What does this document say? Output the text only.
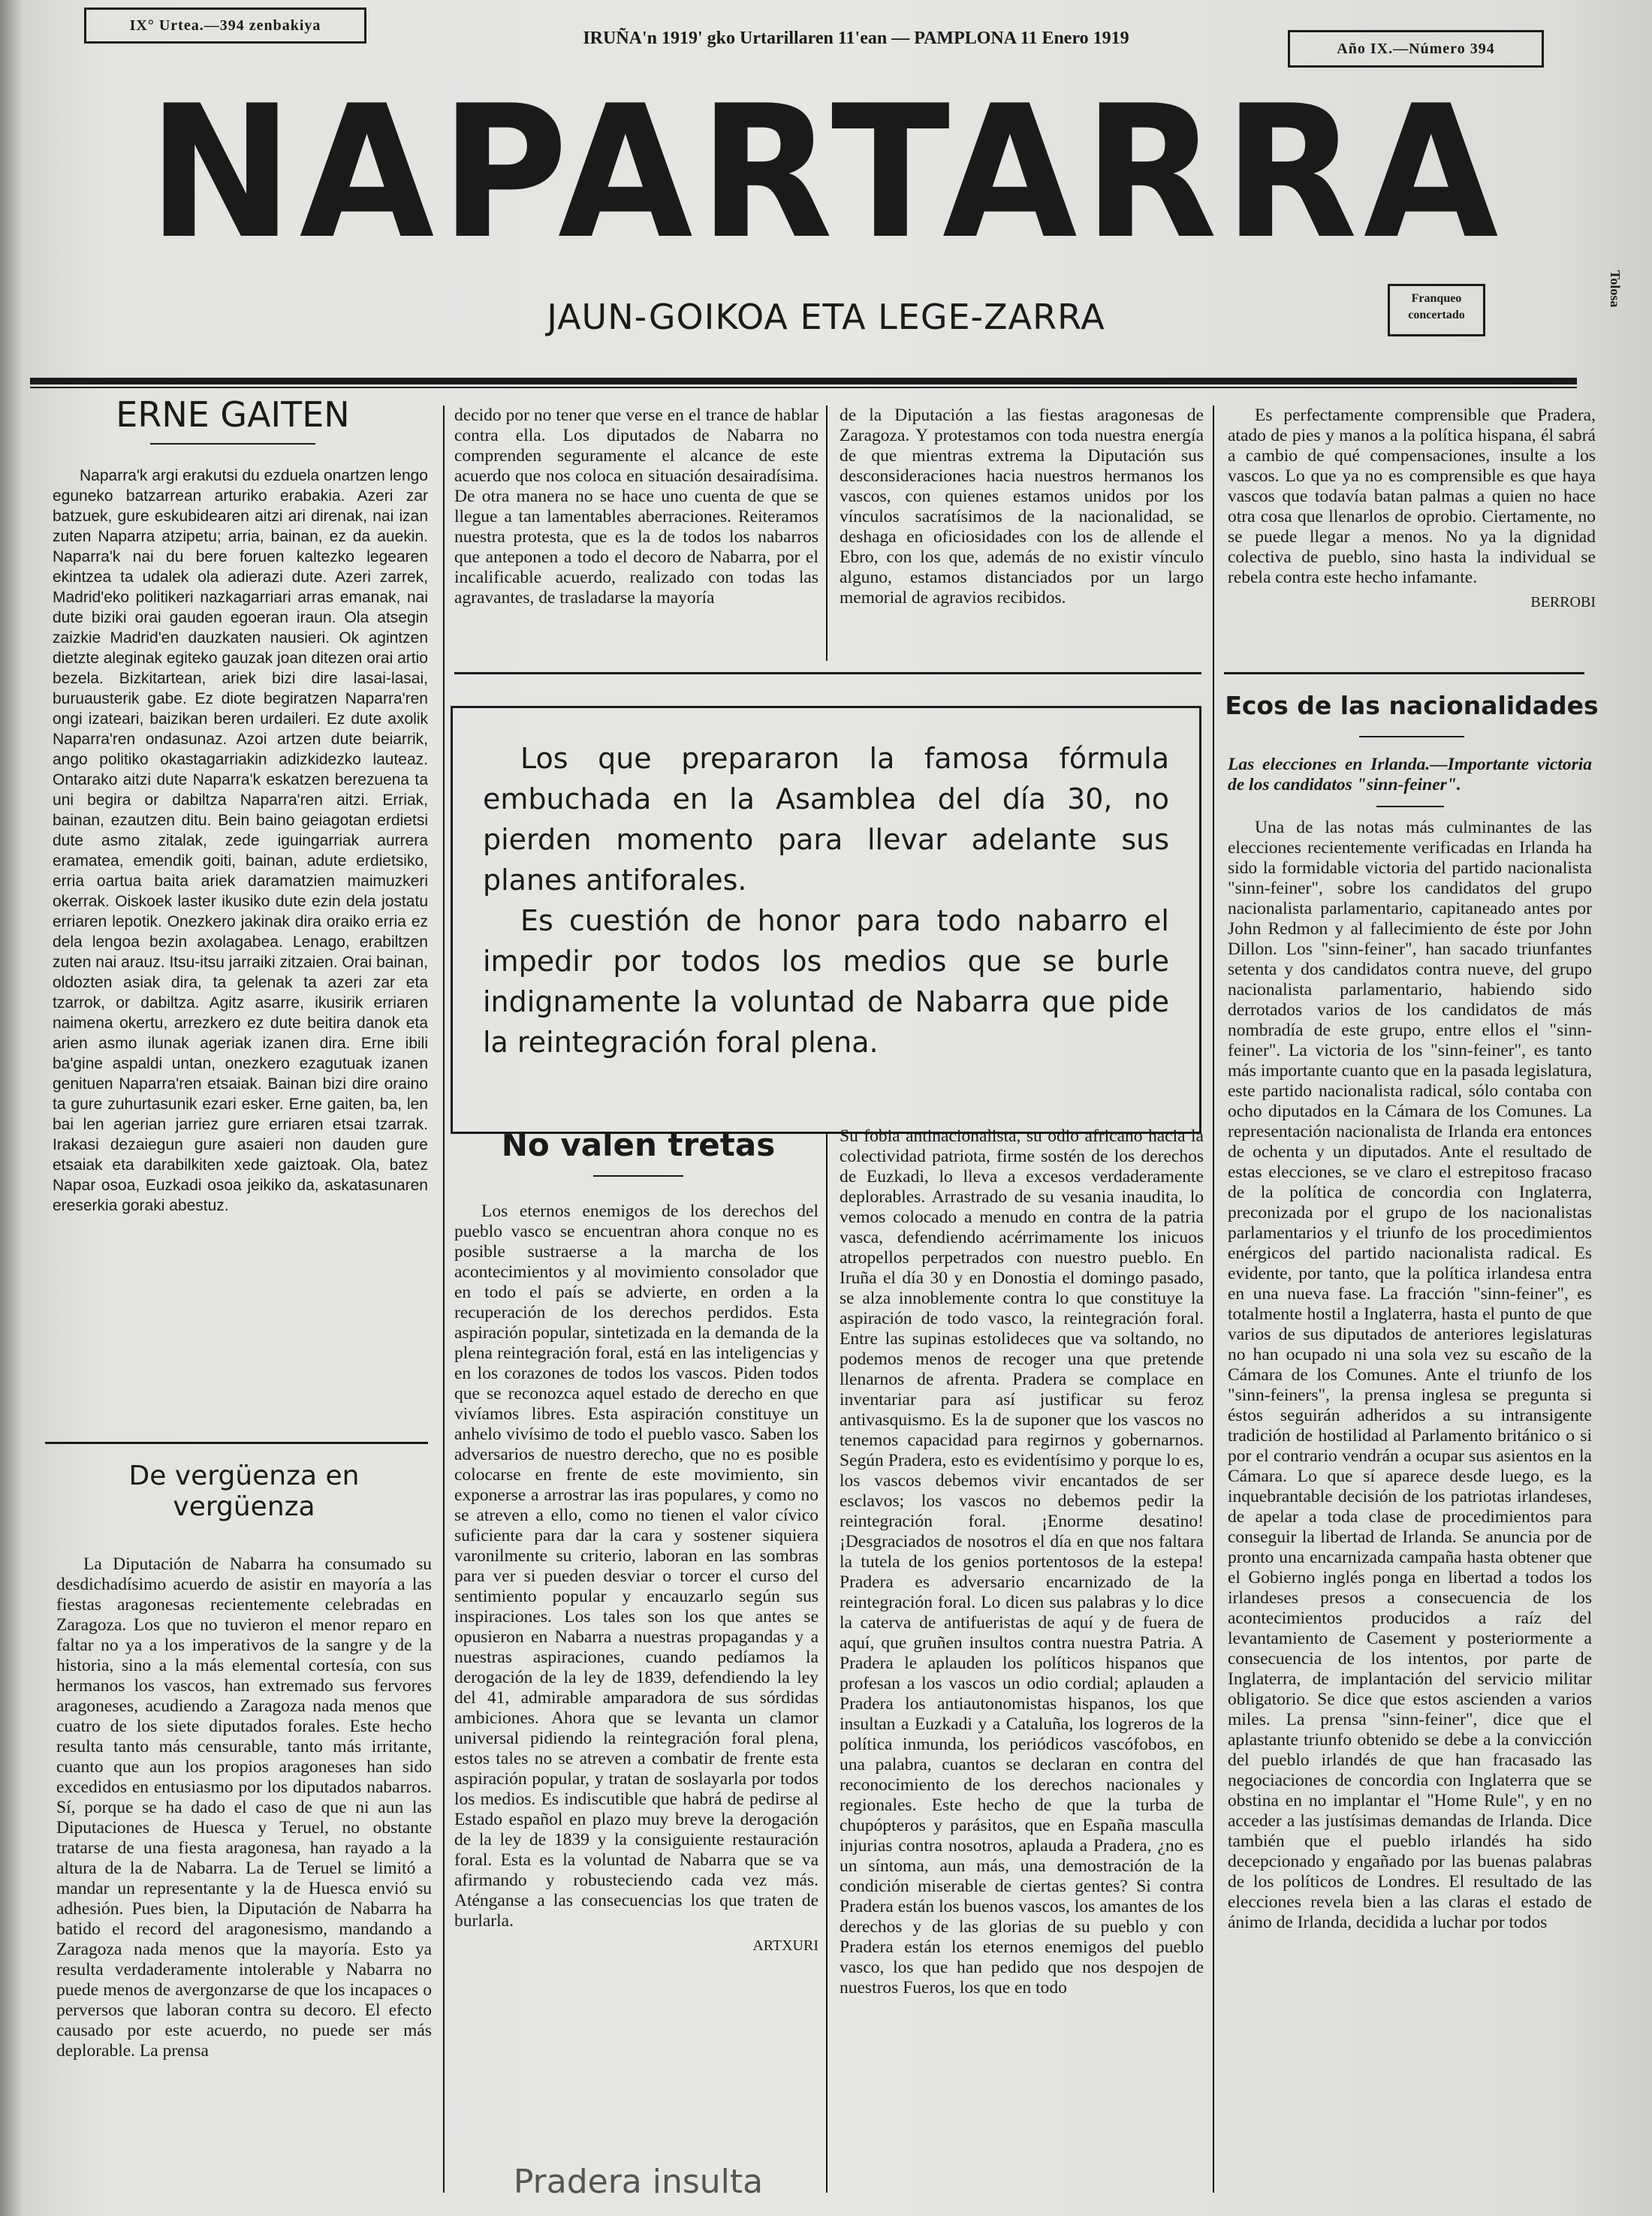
IX° Urtea.—394 zenbakiya
IRUÑA'n 1919' gko Urtarillaren 11'ean — PAMPLONA 11 Enero 1919
Año IX.—Número 394
NAPARTARRA
JAUN-GOIKOA ETA LEGE-ZARRA	Franqueo concertado
Tolosa
ERNE GAITEN

Naparra'k argi erakutsi du ezduela onartzen lengo eguneko batzarrean arturiko erabakia. Azeri zar batzuek, gure eskubidearen aitzi ari direnak, nai izan zuten Naparra atzipetu; arria, bainan, ez da auekin. Naparra'k nai du bere foruen kaltezko legearen ekintzea ta udalek ola adierazi dute. Azeri zarrek, Madrid'eko politikeri nazkagarriari arras emanak, nai dute biziki orai gauden egoeran iraun. Ola atsegin zaizkie Madrid'en dauzkaten nausieri. Ok agintzen dietzte aleginak egiteko gauzak joan ditezen orai artio bezela. Bizkitartean, ariek bizi dire lasai-lasai, buruausterik gabe. Ez diote begiratzen Naparra'ren ongi izateari, baizikan beren urdaileri. Ez dute axolik Naparra'ren ondasunaz. Azoi artzen dute beiarrik, ango politiko okastagarriakin adizkidezko lauteaz. Ontarako aitzi dute Naparra'k eskatzen berezuena ta uni begira or dabiltza Naparra'ren aitzi. Erriak, bainan, ezautzen ditu. Bein baino geiagotan erdietsi dute asmo zitalak, zede iguingarriak aurrera eramatea, emendik goiti, bainan, adute erdietsiko, erria oartua baita ariek daramatzien maimuzkeri okerrak. Oiskoek laster ikusiko dute ezin dela jostatu erriaren lepotik. Onezkero jakinak dira oraiko erria ez dela lengoa bezin axolagabea. Lenago, erabiltzen zuten nai arauz. Itsu-itsu jarraiki zitzaien. Orai bainan, oldozten asiak dira, ta gelenak ta azeri zar eta tzarrok, or dabiltza. Agitz asarre, ikusirik erriaren naimena okertu, arrezkero ez dute beitira danok eta arien asmo ilunak ageriak izanen dira. Erne ibili ba'gine aspaldi untan, onezkero ezagutuak izanen genituen Naparra'ren etsaiak. Bainan bizi dire oraino ta gure zuhurtasunik ezari esker. Erne gaiten, ba, len bai len agerian jarriez gure erriaren etsai tzarrak. Irakasi dezaiegun gure asaieri non dauden gure etsaiak eta darabilkiten xede gaiztoak. Ola, batez Napar osoa, Euzkadi osoa jeikiko da, askatasunaren ereserkia goraki abestuz.

De vergüenza en vergüenza

La Diputación de Nabarra ha consumado su desdichadísimo acuerdo de asistir en mayoría a las fiestas aragonesas recientemente celebradas en Zaragoza. Los que no tuvieron el menor reparo en faltar no ya a los imperativos de la sangre y de la historia, sino a la más elemental cortesía, con sus hermanos los vascos, han extremado sus fervores aragoneses, acudiendo a Zaragoza nada menos que cuatro de los siete diputados forales. Este hecho resulta tanto más censurable, tanto más irritante, cuanto que aun los propios aragoneses han sido excedidos en entusiasmo por los diputados nabarros. Sí, porque se ha dado el caso de que ni aun las Diputaciones de Huesca y Teruel, no obstante tratarse de una fiesta aragonesa, han rayado a la altura de la de Nabarra. La de Teruel se limitó a mandar un representante y la de Huesca envió su adhesión. Pues bien, la Diputación de Nabarra ha batido el record del aragonesismo, mandando a Zaragoza nada menos que la mayoría. Esto ya resulta verdaderamente intolerable y Nabarra no puede menos de avergonzarse de que los incapaces o perversos que laboran contra su decoro. El efecto causado por este acuerdo, no puede ser más deplorable. La prensa

decido por no tener que verse en el trance de hablar contra ella. Los diputados de Nabarra no comprenden seguramente el alcance de este acuerdo que nos coloca en situación desairadísima. De otra manera no se hace uno cuenta de que se llegue a tan lamentables aberraciones. Reiteramos nuestra protesta, que es la de todos los nabarros que anteponen a todo el decoro de Nabarra, por el incalificable acuerdo, realizado con todas las agravantes, de trasladarse la mayoría

de la Diputación a las fiestas aragonesas de Zaragoza. Y protestamos con toda nuestra energía de que mientras extrema la Diputación sus desconsideraciones hacia nuestros hermanos los vascos, con quienes estamos unidos por los vínculos sacratísimos de la nacionalidad, se deshaga en oficiosidades con los de allende el Ebro, con los que, además de no existir vínculo alguno, estamos distanciados por un largo memorial de agravios recibidos.

Es perfectamente comprensible que Pradera, atado de pies y manos a la política hispana, él sabrá a cambio de qué compensaciones, insulte a los vascos. Lo que ya no es comprensible es que haya vascos que todavía batan palmas a quien no hace otra cosa que llenarlos de oprobio. Ciertamente, no se puede llegar a menos. No ya la dignidad colectiva de pueblo, sino hasta la individual se rebela contra este hecho infamante.

BERROBI

Los que prepararon la famosa fórmula embuchada en la Asamblea del día 30, no pierden momento para llevar adelante sus planes antiforales.

Es cuestión de honor para todo nabarro el impedir por todos los medios que se burle indignamente la voluntad de Nabarra que pide la reintegración foral plena.

No valen tretas

Los eternos enemigos de los derechos del pueblo vasco se encuentran ahora conque no es posible sustraerse a la marcha de los acontecimientos y al movimiento consolador que en todo el país se advierte, en orden a la recuperación de los derechos perdidos. Esta aspiración popular, sintetizada en la demanda de la plena reintegración foral, está en las inteligencias y en los corazones de todos los vascos. Piden todos que se reconozca aquel estado de derecho en que vivíamos libres. Esta aspiración constituye un anhelo vivísimo de todo el pueblo vasco. Saben los adversarios de nuestro derecho, que no es posible colocarse en frente de este movimiento, sin exponerse a arrostrar las iras populares, y como no se atreven a ello, como no tienen el valor cívico suficiente para dar la cara y sostener siquiera varonilmente su criterio, laboran en las sombras para ver si pueden desviar o torcer el curso del sentimiento popular y encauzarlo según sus inspiraciones. Los tales son los que antes se opusieron en Nabarra a nuestras propagandas y a nuestras aspiraciones, cuando pedíamos la derogación de la ley de 1839, defendiendo la ley del 41, admirable amparadora de sus sórdidas ambiciones. Ahora que se levanta un clamor universal pidiendo la reintegración foral plena, estos tales no se atreven a combatir de frente esta aspiración popular, y tratan de soslayarla por todos los medios. Es indiscutible que habrá de pedirse al Estado español en plazo muy breve la derogación de la ley de 1839 y la consiguiente restauración foral. Esta es la voluntad de Nabarra que se va afirmando y robusteciendo cada vez más. Aténganse a las consecuencias los que traten de burlarla.

ARTXURI
Pradera insulta

Su fobia antinacionalista, su odio africano hacia la colectividad patriota, firme sostén de los derechos de Euzkadi, lo lleva a excesos verdaderamente deplorables. Arrastrado de su vesania inaudita, lo vemos colocado a menudo en contra de la patria vasca, defendiendo acérrimamente los inicuos atropellos perpetrados con nuestro pueblo. En Iruña el día 30 y en Donostia el domingo pasado, se alza innoblemente contra lo que constituye la aspiración de todo vasco, la reintegración foral. Entre las supinas estolideces que va soltando, no podemos menos de recoger una que pretende llenarnos de afrenta. Pradera se complace en inventariar para así justificar su feroz antivasquismo. Es la de suponer que los vascos no tenemos capacidad para regirnos y gobernarnos. Según Pradera, esto es evidentísimo y porque lo es, los vascos debemos vivir encantados de ser esclavos; los vascos no debemos pedir la reintegración foral. ¡Enorme desatino! ¡Desgraciados de nosotros el día en que nos faltara la tutela de los genios portentosos de la estepa! Pradera es adversario encarnizado de la reintegración foral. Lo dicen sus palabras y lo dice la caterva de antifueristas de aquí y de fuera de aquí, que gruñen insultos contra nuestra Patria. A Pradera le aplauden los políticos hispanos que profesan a los vascos un odio cordial; aplauden a Pradera los antiautonomistas hispanos, los que insultan a Euzkadi y a Cataluña, los logreros de la política inmunda, los periódicos vascófobos, en una palabra, cuantos se declaran en contra del reconocimiento de los derechos nacionales y regionales. Este hecho de que la turba de chupópteros y parásitos, que en España masculla injurias contra nosotros, aplauda a Pradera, ¿no es un síntoma, aun más, una demostración de la condición miserable de ciertas gentes? Si contra Pradera están los buenos vascos, los amantes de los derechos y de las glorias de su pueblo y con Pradera están los eternos enemigos del pueblo vasco, los que han pedido que nos despojen de nuestros Fueros, los que en todo

Ecos de las nacionalidades

Las elecciones en Irlanda.—Importante victoria de los candidatos "sinn-feiner".

Una de las notas más culminantes de las elecciones recientemente verificadas en Irlanda ha sido la formidable victoria del partido nacionalista "sinn-feiner", sobre los candidatos del grupo nacionalista parlamentario, capitaneado antes por John Redmon y al fallecimiento de éste por John Dillon. Los "sinn-feiner", han sacado triunfantes setenta y dos candidatos contra nueve, del grupo nacionalista parlamentario, habiendo sido derrotados varios de los candidatos de más nombradía de este grupo, entre ellos el "sinn-feiner". La victoria de los "sinn-feiner", es tanto más importante cuanto que en la pasada legislatura, este partido nacionalista radical, sólo contaba con ocho diputados en la Cámara de los Comunes. La representación nacionalista de Irlanda era entonces de ochenta y un diputados. Ante el resultado de estas elecciones, se ve claro el estrepitoso fracaso de la política de concordia con Inglaterra, preconizada por el grupo de los nacionalistas parlamentarios y el triunfo de los procedimientos enérgicos del partido nacionalista radical. Es evidente, por tanto, que la política irlandesa entra en una nueva fase. La fracción "sinn-feiner", es totalmente hostil a Inglaterra, hasta el punto de que varios de sus diputados de anteriores legislaturas no han ocupado ni una sola vez su escaño de la Cámara de los Comunes. Ante el triunfo de los "sinn-feiners", la prensa inglesa se pregunta si éstos seguirán adheridos a su intransigente tradición de hostilidad al Parlamento británico o si por el contrario vendrán a ocupar sus asientos en la Cámara. Lo que sí aparece desde luego, es la inquebrantable decisión de los patriotas irlandeses, de apelar a toda clase de procedimientos para conseguir la libertad de Irlanda. Se anuncia por de pronto una encarnizada campaña hasta obtener que el Gobierno inglés ponga en libertad a todos los irlandeses presos a consecuencia de los acontecimientos producidos a raíz del levantamiento de Casement y posteriormente a consecuencia de los intentos, por parte de Inglaterra, de implantación del servicio militar obligatorio. Se dice que estos ascienden a varios miles. La prensa "sinn-feiner", dice que el aplastante triunfo obtenido se debe a la convicción del pueblo irlandés de que han fracasado las negociaciones de concordia con Inglaterra que se obstina en no implantar el "Home Rule", y en no acceder a las justísimas demandas de Irlanda. Dice también que el pueblo irlandés ha sido decepcionado y engañado por las buenas palabras de los políticos de Londres. El resultado de las elecciones revela bien a las claras el estado de ánimo de Irlanda, decidida a luchar por todos
